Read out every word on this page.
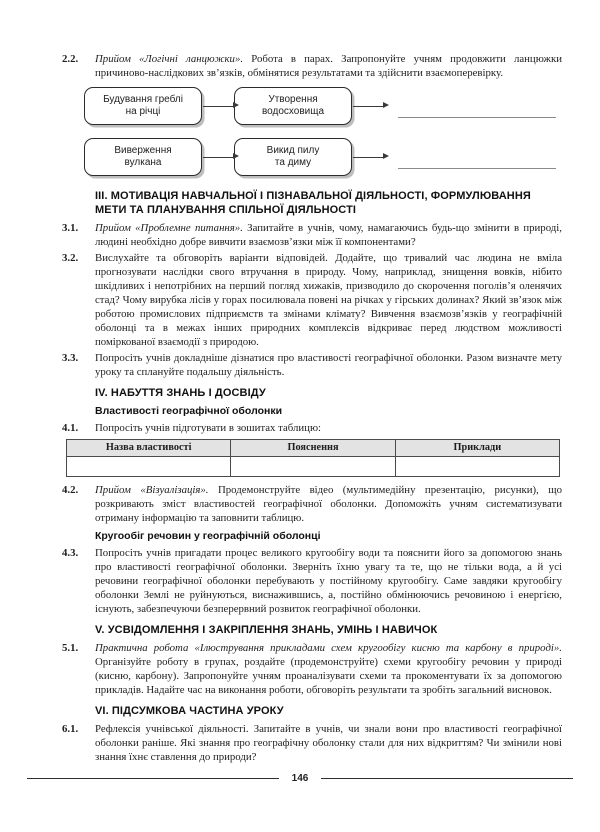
2.2.	Прийом «Логічні ланцюжки». Робота в парах. Запропонуйте учням продовжити ланцюжки причиново-наслідкових зв’язків, обмінятися результатами та здійснити взаємоперевірку.
Будування греблі
на річці
Утворення
водосховища
Виверження
вулкана
Викид пилу
та диму
III. МОТИВАЦІЯ НАВЧАЛЬНОЇ І ПІЗНАВАЛЬНОЇ ДІЯЛЬНОСТІ, ФОРМУЛЮВАННЯ МЕТИ ТА ПЛАНУВАННЯ СПІЛЬНОЇ ДІЯЛЬНОСТІ
3.1.	Прийом «Проблемне питання». Запитайте в учнів, чому, намагаючись будь-що змінити в природі, людині необхідно добре вивчити взаємозв’язки між її компонентами?
3.2.	Вислухайте та обговоріть варіанти відповідей. Додайте, що тривалий час людина не вміла прогнозувати наслідки свого втручання в природу. Чому, наприклад, знищення вовків, нібито шкідливих і непотрібних на перший погляд хижаків, призводило до скорочення поголів’я оленячих стад? Чому вирубка лісів у горах посилювала повені на річках у гірських долинах? Який зв’язок між роботою промислових підприємств та змінами клімату? Вивчення взаємозв’язків у географічній оболонці та в межах інших природних комплексів відкриває перед людством можливості поміркованої взаємодії з природою.
3.3.	Попросіть учнів докладніше дізнатися про властивості географічної оболонки. Разом визначте мету уроку та сплануйте подальшу діяльність.
IV. НАБУТТЯ ЗНАНЬ І ДОСВІДУ
Властивості географічної оболонки
4.1.	Попросіть учнів підготувати в зошитах таблицю:
Назва властивості	Пояснення	Приклади

4.2.	Прийом «Візуалізація». Продемонструйте відео (мультимедійну презентацію, рисунки), що розкривають зміст властивостей географічної оболонки. Допоможіть учням систематизувати отриману інформацію та заповнити таблицю.
Кругообіг речовин у географічній оболонці
4.3.	Попросіть учнів пригадати процес великого кругообігу води та пояснити його за допомогою знань про властивості географічної оболонки. Зверніть їхню увагу та те, що не тільки вода, а й усі речовини географічної оболонки перебувають у постійному кругообігу. Саме завдяки кругообігу оболонки Землі не руйнуються, виснажившись, а, постійно обмінюючись речовиною і енергією, існують, забезпечуючи безперервний розвиток географічної оболонки.
V. УСВІДОМЛЕННЯ І ЗАКРІПЛЕННЯ ЗНАНЬ, УМІНЬ І НАВИЧОК
5.1.	Практична робота «Ілюстрування прикладами схем кругообігу кисню та карбону в природі». Організуйте роботу в групах, роздайте (продемонструйте) схеми кругообігу речовин у природі (кисню, карбону). Запропонуйте учням проаналізувати схеми та прокоментувати їх за допомогою прикладів. Надайте час на виконання роботи, обговоріть результати та зробіть загальний висновок.
VI. ПІДСУМКОВА ЧАСТИНА УРОКУ
6.1.	Рефлексія учнівської діяльності. Запитайте в учнів, чи знали вони про властивості географічної оболонки раніше. Які знання про географічну оболонку стали для них відкриттям? Чи змінили нові знання їхнє ставлення до природи?
146
